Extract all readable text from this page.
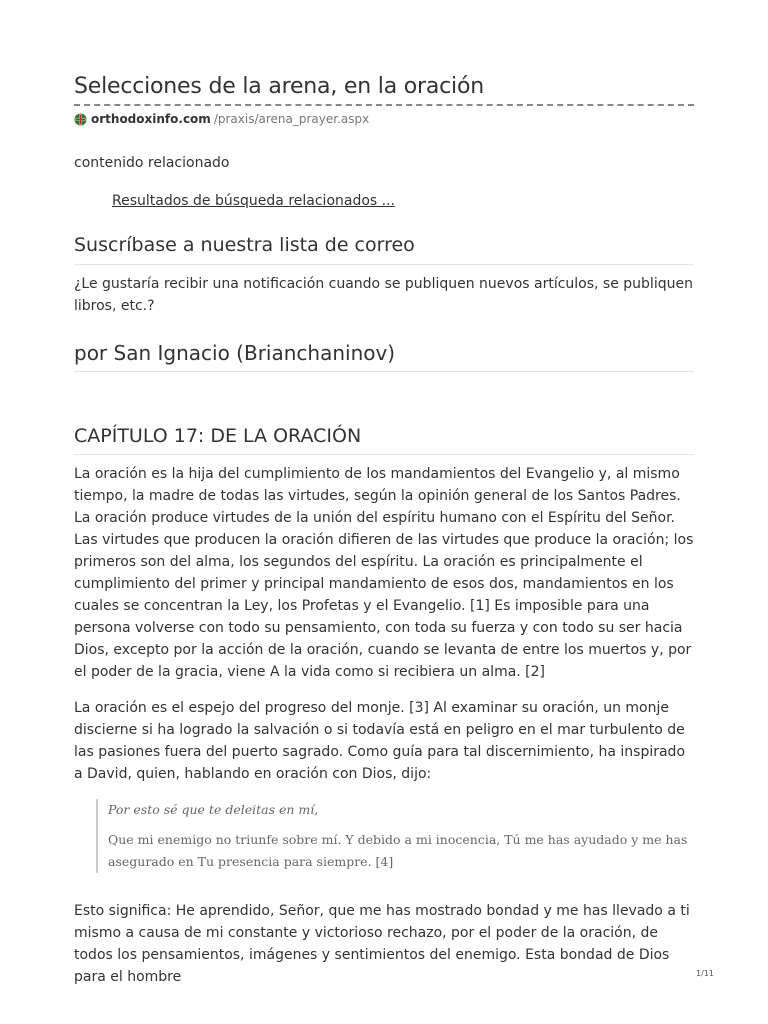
Selecciones de la arena, en la oración
orthodoxinfo.com /praxis/arena_prayer.aspx
contenido relacionado
Resultados de búsqueda relacionados ...
Suscríbase a nuestra lista de correo

¿Le gustaría recibir una notificación cuando se publiquen nuevos artículos, se publiquen libros, etc.?

por San Ignacio (Brianchaninov)
CAPÍTULO 17: DE LA ORACIÓN

La oración es la hija del cumplimiento de los mandamientos del Evangelio y, al mismo tiempo, la madre de todas las virtudes, según la opinión general de los Santos Padres. La oración produce virtudes de la unión del espíritu humano con el Espíritu del Señor. Las virtudes que producen la oración difieren de las virtudes que produce la oración; los primeros son del alma, los segundos del espíritu. La oración es principalmente el cumplimiento del primer y principal mandamiento de esos dos, mandamientos en los cuales se concentran la Ley, los Profetas y el Evangelio. [1] Es imposible para una persona volverse con todo su pensamiento, con toda su fuerza y con todo su ser hacia Dios, excepto por la acción de la oración, cuando se levanta de entre los muertos y, por el poder de la gracia, viene A la vida como si recibiera un alma. [2]

La oración es el espejo del progreso del monje. [3] Al examinar su oración, un monje discierne si ha logrado la salvación o si todavía está en peligro en el mar turbulento de las pasiones fuera del puerto sagrado. Como guía para tal discernimiento, ha inspirado a David, quien, hablando en oración con Dios, dijo:

Por esto sé que te deleitas en mí,

Que mi enemigo no triunfe sobre mí. Y debido a mi inocencia, Tú me has ayudado y me has asegurado en Tu presencia para siempre. [4]

Esto significa: He aprendido, Señor, que me has mostrado bondad y me has llevado a ti mismo a causa de mi constante y victorioso rechazo, por el poder de la oración, de todos los pensamientos, imágenes y sentimientos del enemigo. Esta bondad de Dios para el hombre	1/11
